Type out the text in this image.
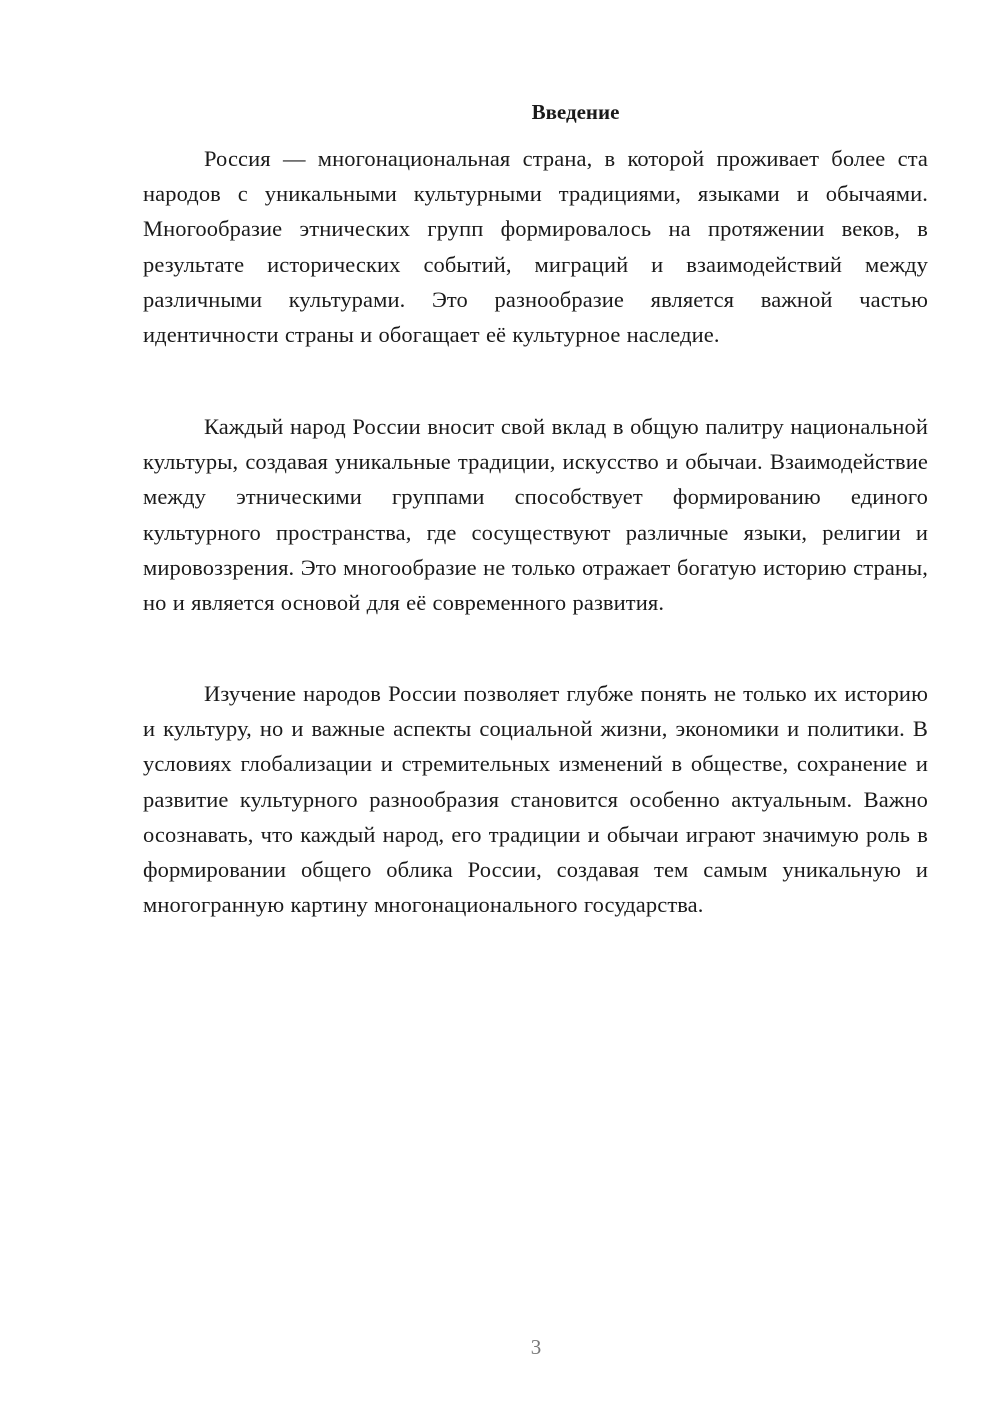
Введение

Россия — многонациональная страна, в которой проживает более ста народов с уникальными культурными традициями, языками и обычаями. Многообразие этнических групп формировалось на протяжении веков, в результате исторических событий, миграций и взаимодействий между различными культурами. Это разнообразие является важной частью идентичности страны и обогащает её культурное наследие.

Каждый народ России вносит свой вклад в общую палитру национальной культуры, создавая уникальные традиции, искусство и обычаи. Взаимодействие между этническими группами способствует формированию единого культурного пространства, где сосуществуют различные языки, религии и мировоззрения. Это многообразие не только отражает богатую историю страны, но и является основой для её современного развития.

Изучение народов России позволяет глубже понять не только их историю и культуру, но и важные аспекты социальной жизни, экономики и политики. В условиях глобализации и стремительных изменений в обществе, сохранение и развитие культурного разнообразия становится особенно актуальным. Важно осознавать, что каждый народ, его традиции и обычаи играют значимую роль в формировании общего облика России, создавая тем самым уникальную и многогранную картину многонационального государства.

3
